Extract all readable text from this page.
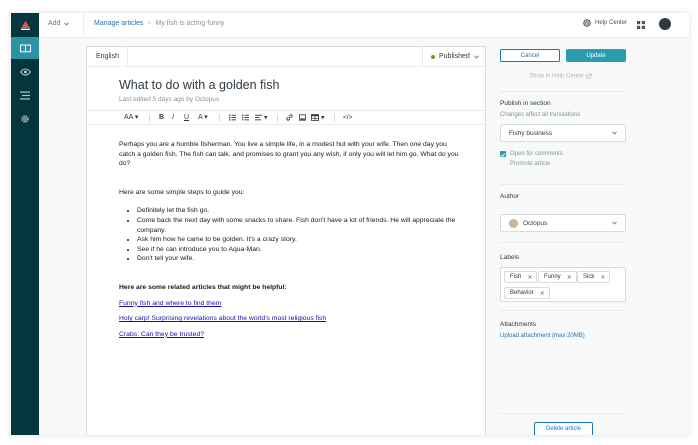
Add	Manage articles > My fish is acting funny	Help Center
English	Published
What to do with a golden fish
Last edited 5 days ago by Octopus
AA ▾	B I U A ▾	▾	▾	</>

Perhaps you are a humble fisherman. You live a simple life, in a modest hut with your wife. Then one day you catch a golden fish. The fish can talk, and promises to grant you any wish, if only you will let him go. What do you do?

Here are some simple steps to guide you:

• Definitely let the fish go.
• Come back the next day with some snacks to share. Fish don't have a lot of friends. He will appreciate the company.
• Ask him how he came to be golden. It's a crazy story.
• See if he can introduce you to Aqua-Man.
• Don't tell your wife.

Here are some related articles that might be helpful:

Funny fish and where to find them

Holy carp! Surprising revelations about the world's most religious fish

Crabs: Can they be trusted?

Cancel	Update
Show in Help Center
Publish in section
Changes affect all translations
Fishy business
Open for comments
Promote article
Author
Octopus
Labels
Fish ✕ Funny ✕ Sick ✕
Behavior ✕
Attachments
Upload attachment (max 20MB)
Delete article
